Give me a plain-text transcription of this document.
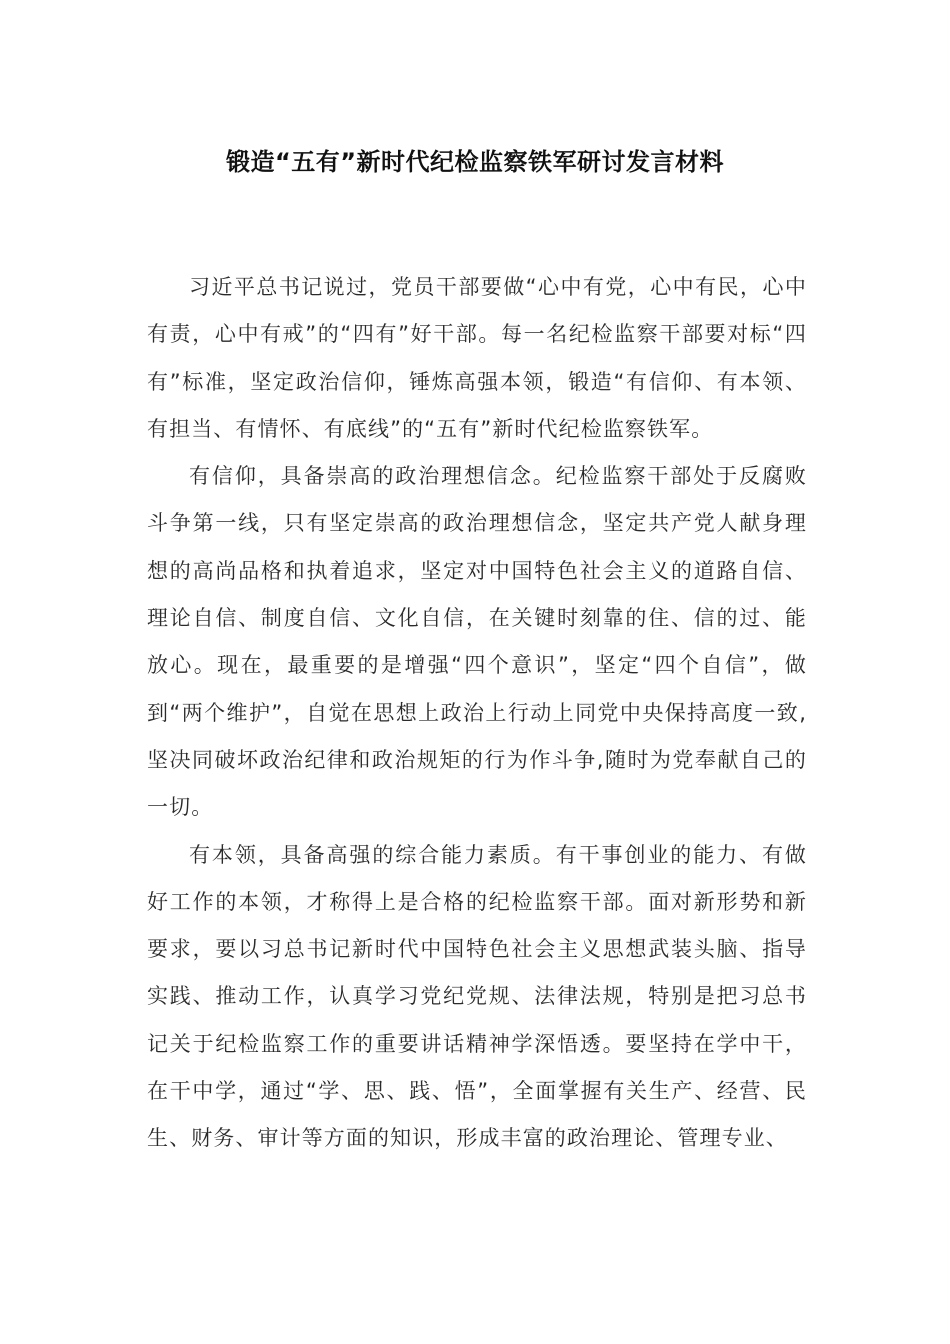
锻造“五有”新时代纪检监察铁军研讨发言材料

习近平总书记说过，党员干部要做“心中有党，心中有民，心中有责，心中有戒”的“四有”好干部。每一名纪检监察干部要对标“四有”标准，坚定政治信仰，锤炼高强本领，锻造“有信仰、有本领、有担当、有情怀、有底线”的“五有”新时代纪检监察铁军。

有信仰，具备崇高的政治理想信念。纪检监察干部处于反腐败斗争第一线，只有坚定崇高的政治理想信念，坚定共产党人献身理想的高尚品格和执着追求，坚定对中国特色社会主义的道路自信、理论自信、制度自信、文化自信，在关键时刻靠的住、信的过、能放心。现在，最重要的是增强“四个意识”，坚定“四个自信”，做到“两个维护”，自觉在思想上政治上行动上同党中央保持高度一致,坚决同破坏政治纪律和政治规矩的行为作斗争,随时为党奉献自己的一切。

有本领，具备高强的综合能力素质。有干事创业的能力、有做好工作的本领，才称得上是合格的纪检监察干部。面对新形势和新要求，要以习总书记新时代中国特色社会主义思想武装头脑、指导实践、推动工作，认真学习党纪党规、法律法规，特别是把习总书记关于纪检监察工作的重要讲话精神学深悟透。要坚持在学中干，在干中学，通过“学、思、践、悟”，全面掌握有关生产、经营、民生、财务、审计等方面的知识，形成丰富的政治理论、管理专业、
